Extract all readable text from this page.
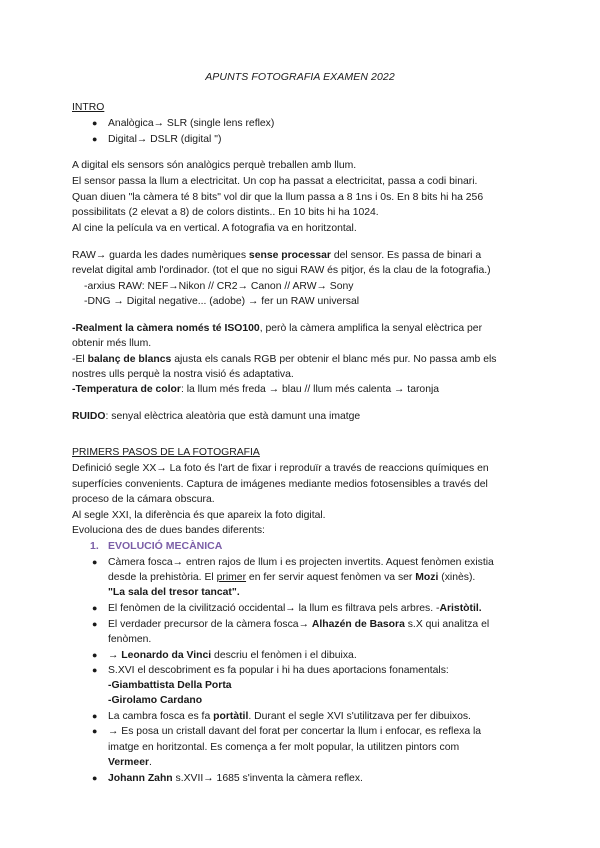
APUNTS FOTOGRAFIA EXAMEN 2022
INTRO
● Analògica→ SLR (single lens reflex)
● Digital→ DSLR (digital ")
A digital els sensors són analògics perquè treballen amb llum.
El sensor passa la llum a electricitat. Un cop ha passat a electricitat, passa a codi binari.
Quan diuen "la càmera té 8 bits" vol dir que la llum passa a 8 1ns i 0s. En 8 bits hi ha 256
possibilitats (2 elevat a 8) de colors distints.. En 10 bits hi ha 1024.
Al cine la película va en vertical. A fotografia va en horitzontal.
RAW→ guarda les dades numèriques sense processar del sensor. Es passa de binari a
revelat digital amb l'ordinador. (tot el que no sigui RAW és pitjor, és la clau de la fotografia.)
-arxius RAW: NEF→Nikon // CR2→ Canon // ARW→ Sony
-DNG → Digital negative... (adobe) → fer un RAW universal
-Realment la càmera només té ISO100, però la càmera amplifica la senyal elèctrica per
obtenir més llum.
-El balanç de blancs ajusta els canals RGB per obtenir el blanc més pur. No passa amb els
nostres ulls perquè la nostra visió és adaptativa.
-Temperatura de color: la llum més freda → blau // llum més calenta → taronja
RUIDO: senyal elèctrica aleatòria que està damunt una imatge
PRIMERS PASOS DE LA FOTOGRAFIA
Definició segle XX→ La foto és l'art de fixar i reproduïr a través de reaccions químiques en
superfícies convenients. Captura de imágenes mediante medios fotosensibles a través del
proceso de la cámara obscura.
Al segle XXI, la diferència és que apareix la foto digital.
Evoluciona des de dues bandes diferents:
1. EVOLUCIÓ MECÀNICA
● Càmera fosca→ entren rajos de llum i es projecten invertits. Aquest fenòmen existia
desde la prehistòria. El primer en fer servir aquest fenòmen va ser Mozi (xinès).
"La sala del tresor tancat".
● El fenòmen de la civilització occidental→ la llum es filtrava pels arbres. -Aristòtil.
● El verdader precursor de la càmera fosca→ Alhazén de Basora s.X qui analitza el
fenòmen.
● → Leonardo da Vinci descriu el fenòmen i el dibuixa.
● S.XVI el descobriment es fa popular i hi ha dues aportacions fonamentals:
-Giambattista Della Porta
-Girolamo Cardano
● La cambra fosca es fa portàtil. Durant el segle XVI s'utilitzava per fer dibuixos.
● → Es posa un cristall davant del forat per concertar la llum i enfocar, es reflexa la
imatge en horitzontal. Es comença a fer molt popular, la utilitzen pintors com
Vermeer.
● Johann Zahn s.XVII→ 1685 s'inventa la càmera reflex.
